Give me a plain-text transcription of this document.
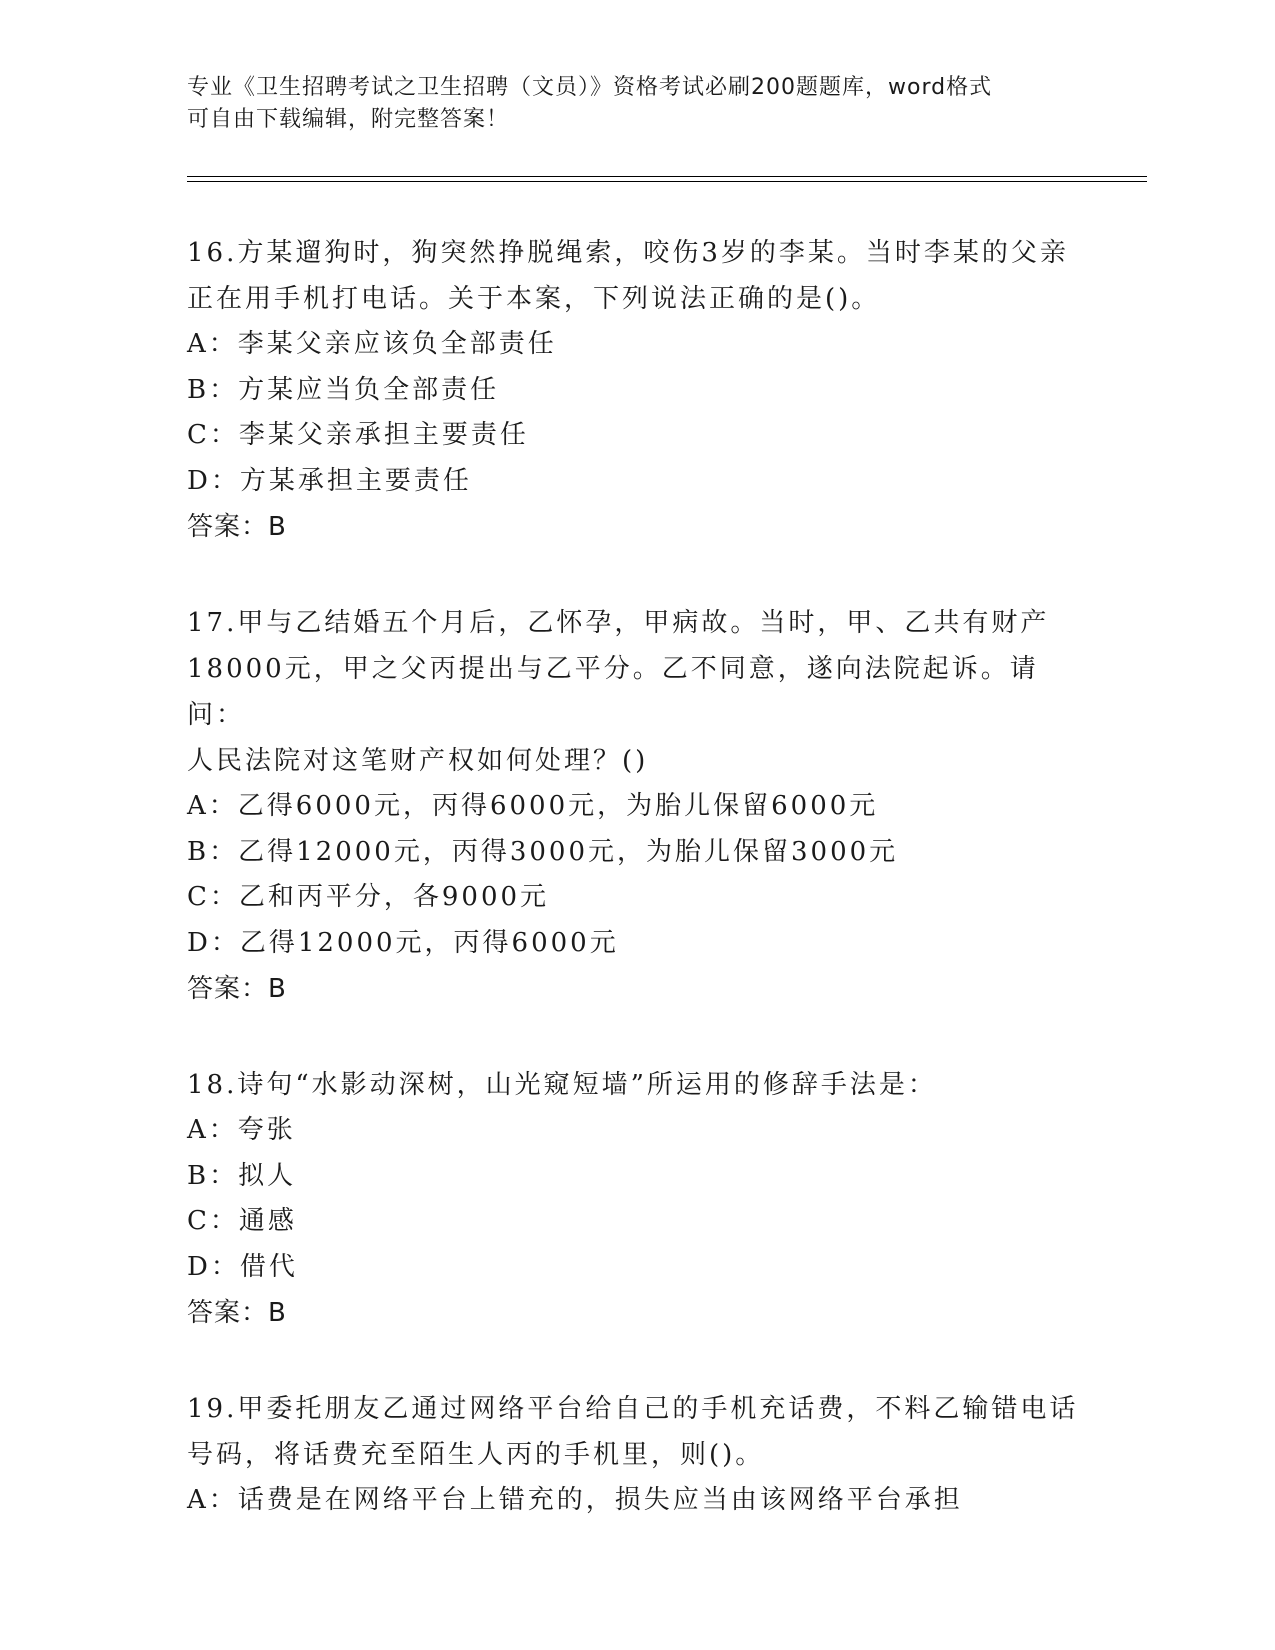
专业《卫生招聘考试之卫生招聘（文员）》资格考试必刷200题题库，word格式
可自由下载编辑，附完整答案！
16.方某遛狗时，狗突然挣脱绳索，咬伤3岁的李某。当时李某的父亲
正在用手机打电话。关于本案，下列说法正确的是()。
A：李某父亲应该负全部责任
B：方某应当负全部责任
C：李某父亲承担主要责任
D：方某承担主要责任
答案：B
17.甲与乙结婚五个月后，乙怀孕，甲病故。当时，甲、乙共有财产
18000元，甲之父丙提出与乙平分。乙不同意，遂向法院起诉。请问：
人民法院对这笔财产权如何处理？()
A：乙得6000元，丙得6000元，为胎儿保留6000元
B：乙得12000元，丙得3000元，为胎儿保留3000元
C：乙和丙平分，各9000元
D：乙得12000元，丙得6000元
答案：B
18.诗句“水影动深树，山光窥短墙”所运用的修辞手法是：
A：夸张
B：拟人
C：通感
D：借代
答案：B
19.甲委托朋友乙通过网络平台给自己的手机充话费，不料乙输错电话
号码，将话费充至陌生人丙的手机里，则()。
A：话费是在网络平台上错充的，损失应当由该网络平台承担
